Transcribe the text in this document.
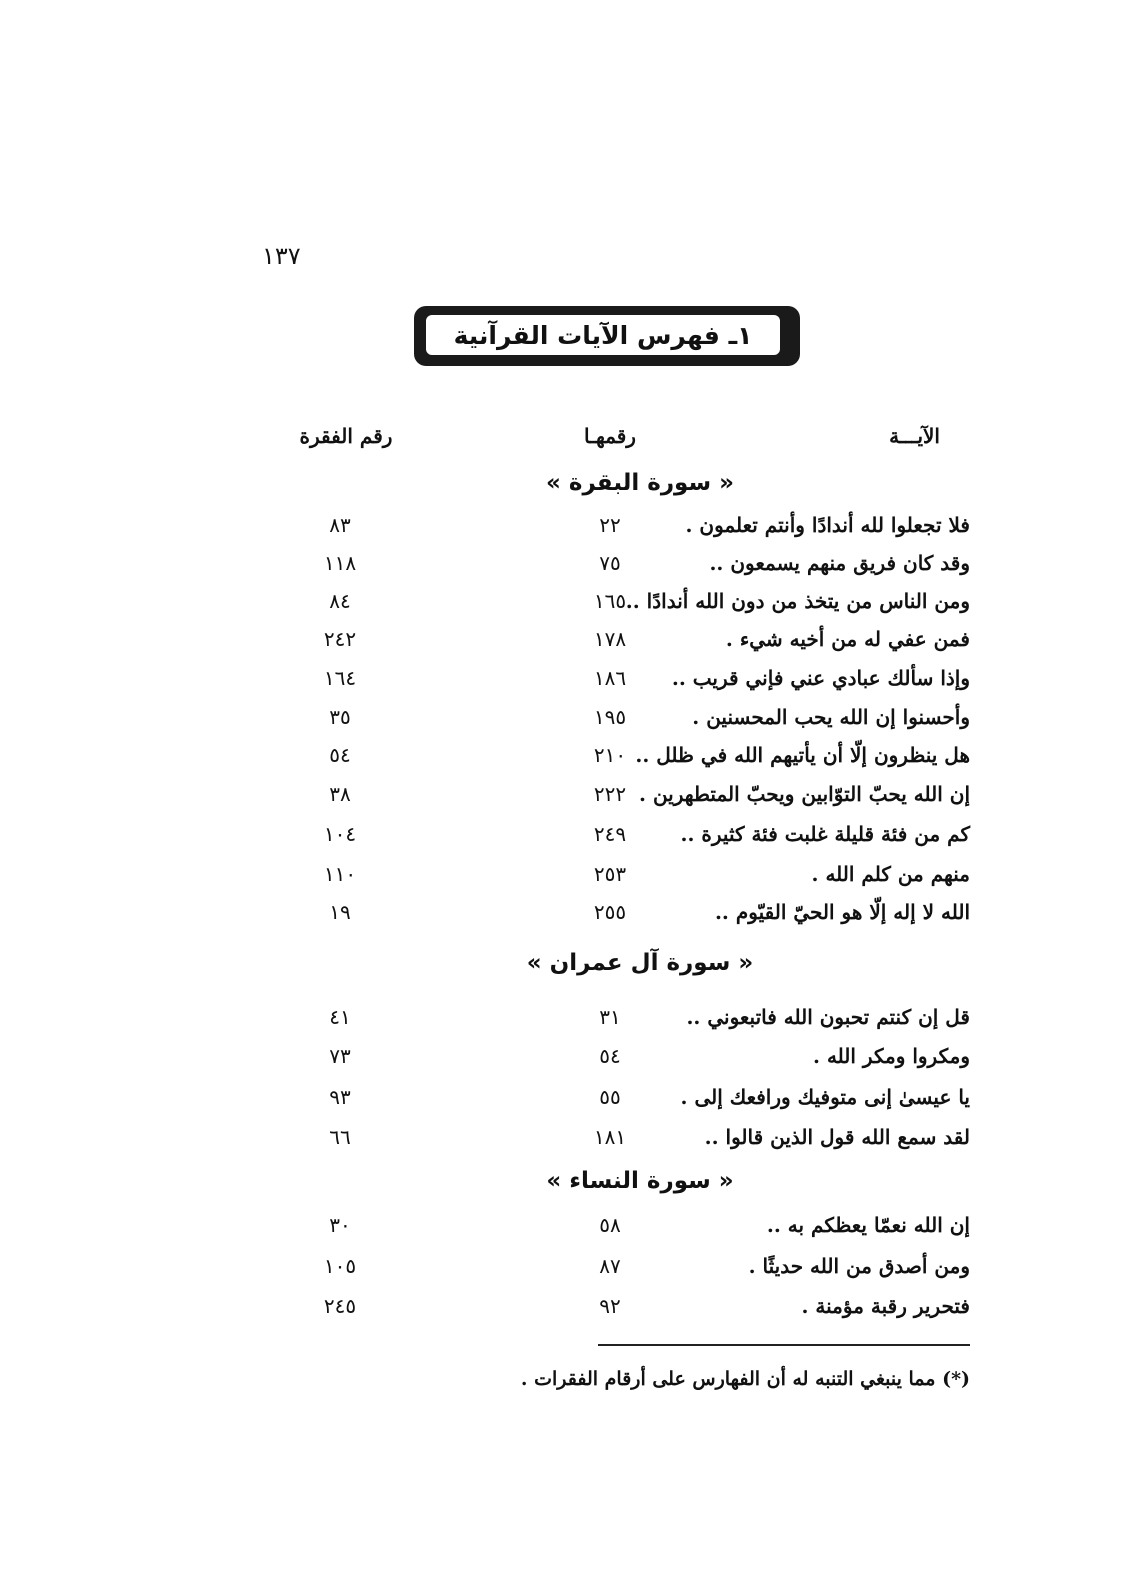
١٣٧
١ـ فهرس الآيات القرآنية
الآيـــة
رقمهـا
رقم الفقرة
« سورة البقرة »
فلا تجعلوا لله أندادًا وأنتم تعلمون .
٢٢
٨٣
وقد كان فريق منهم يسمعون ..
٧٥
١١٨
ومن الناس من يتخذ من دون الله أندادًا ..
١٦٥
٨٤
فمن عفي له من أخيه شيء .
١٧٨
٢٤٢
وإذا سألك عبادي عني فإني قريب ..
١٨٦
١٦٤
وأحسنوا إن الله يحب المحسنين .
١٩٥
٣٥
هل ينظرون إلّا أن يأتيهم الله في ظلل ..
٢١٠
٥٤
إن الله يحبّ التوّابين ويحبّ المتطهرين .
٢٢٢
٣٨
كم من فئة قليلة غلبت فئة كثيرة ..
٢٤٩
١٠٤
منهم من كلم الله .
٢٥٣
١١٠
الله لا إله إلّا هو الحيّ القيّوم ..
٢٥٥
١٩
« سورة آل عمران »
قل إن كنتم تحبون الله فاتبعوني ..
٣١
٤١
ومكروا ومكر الله .
٥٤
٧٣
يا عيسىٰ إنى متوفيك ورافعك إلى .
٥٥
٩٣
لقد سمع الله قول الذين قالوا ..
١٨١
٦٦
« سورة النساء »
إن الله نعمّا يعظكم به ..
٥٨
٣٠
ومن أصدق من الله حديثًا .
٨٧
١٠٥
فتحرير رقبة مؤمنة .
٩٢
٢٤٥
(*) مما ينبغي التنبه له أن الفهارس على أرقام الفقرات .
